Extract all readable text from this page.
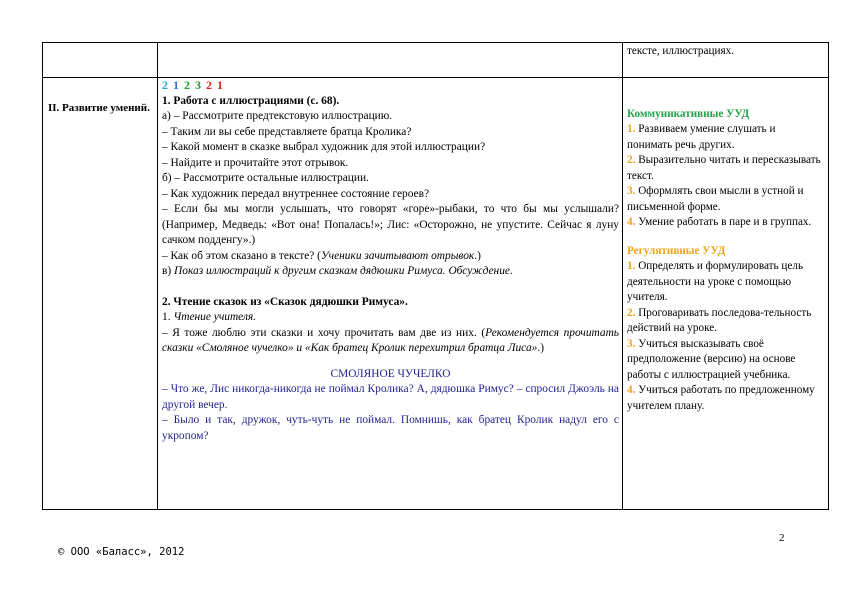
II. Развитие умений.

2 1 2 3 2 1

1. Работа с иллюстрациями (с. 68).

а) – Рассмотрите предтекстовую иллюстрацию.

– Таким ли вы себе представляете братца Кролика?

– Какой момент в сказке выбрал художник для этой иллюстрации?

– Найдите и прочитайте этот отрывок.

б) – Рассмотрите остальные иллюстрации.

– Как художник передал внутреннее состояние героев?

– Если бы мы могли услышать, что говорят «горе»-рыбаки, то что бы мы услышали? (Например, Медведь: «Вот она! Попалась!»; Лис: «Осторожно, не упустите. Сейчас я луну сачком подденгу».)

– Как об этом сказано в тексте? (Ученики зачитывают отрывок.)

в) Показ иллюстраций к другим сказкам дядюшки Римуса. Обсуждение.

2. Чтение сказок из «Сказок дядюшки Римуса».

1. Чтение учителя.

– Я тоже люблю эти сказки и хочу прочитать вам две из них. (Рекомендуется прочитать сказки «Смоляное чучелко» и «Как братец Кролик перехитрил братца Лиса».)

СМОЛЯНОЕ ЧУЧЕЛКО

– Что же, Лис никогда-никогда не поймал Кролика? А, дядюшка Римус? – спросил Джоэль на другой вечер.

– Было и так, дружок, чуть-чуть не поймал. Помнишь, как братец Кролик надул его с укропом?

тексте, иллюстрациях.

Коммуникативные УУД

1. Развиваем умение слушать и понимать речь других.

2. Выразительно читать и пересказывать текст.

3. Оформлять свои мысли в устной и письменной форме.

4. Умение работать в паре и в группах.

Регулятивные УУД

1. Определять и формулировать цель деятельности на уроке с помощью учителя.

2. Проговаривать последова-тельность действий на уроке.

3. Учиться высказывать своё предположение (версию) на основе работы с иллюстрацией учебника.

4. Учиться работать по предложенному учителем плану.

2
© ООО «Баласс», 2012
